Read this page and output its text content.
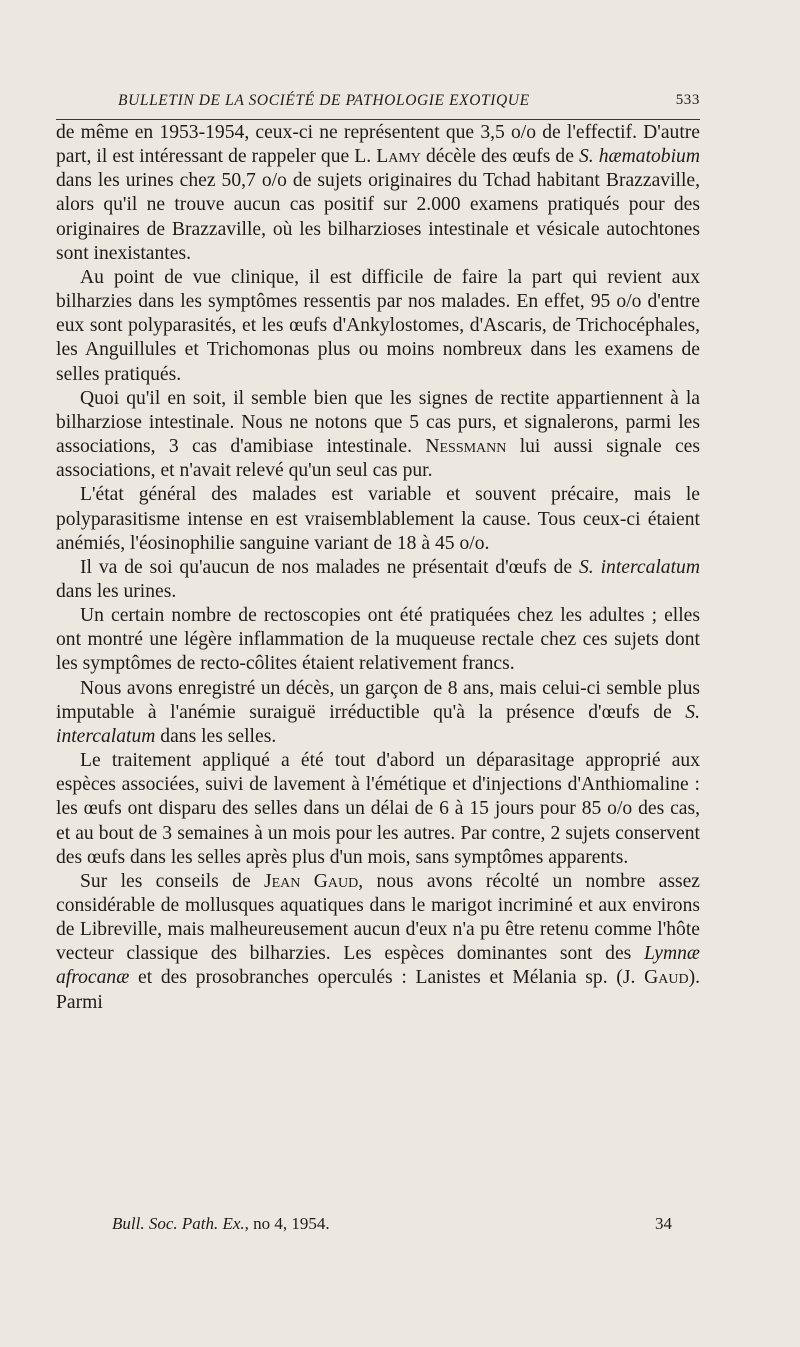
BULLETIN DE LA SOCIÉTÉ DE PATHOLOGIE EXOTIQUE	533

de même en 1953-1954, ceux-ci ne représentent que 3,5 o/o de l'effectif. D'autre part, il est intéressant de rappeler que L. Lamy décèle des œufs de S. hæmatobium dans les urines chez 50,7 o/o de sujets originaires du Tchad habitant Brazzaville, alors qu'il ne trouve aucun cas positif sur 2.000 examens pratiqués pour des originaires de Brazzaville, où les bilharzioses intestinale et vésicale autochtones sont inexistantes.

Au point de vue clinique, il est difficile de faire la part qui revient aux bilharzies dans les symptômes ressentis par nos malades. En effet, 95 o/o d'entre eux sont polyparasités, et les œufs d'Ankylostomes, d'Ascaris, de Trichocéphales, les Anguillules et Trichomonas plus ou moins nombreux dans les examens de selles pratiqués.

Quoi qu'il en soit, il semble bien que les signes de rectite appartiennent à la bilharziose intestinale. Nous ne notons que 5 cas purs, et signalerons, parmi les associations, 3 cas d'amibiase intestinale. Nessmann lui aussi signale ces associations, et n'avait relevé qu'un seul cas pur.

L'état général des malades est variable et souvent précaire, mais le polyparasitisme intense en est vraisemblablement la cause. Tous ceux-ci étaient anémiés, l'éosinophilie sanguine variant de 18 à 45 o/o.

Il va de soi qu'aucun de nos malades ne présentait d'œufs de S. intercalatum dans les urines.

Un certain nombre de rectoscopies ont été pratiquées chez les adultes ; elles ont montré une légère inflammation de la muqueuse rectale chez ces sujets dont les symptômes de recto-côlites étaient relativement francs.

Nous avons enregistré un décès, un garçon de 8 ans, mais celui-ci semble plus imputable à l'anémie suraiguë irréductible qu'à la présence d'œufs de S. intercalatum dans les selles.

Le traitement appliqué a été tout d'abord un déparasitage approprié aux espèces associées, suivi de lavement à l'émétique et d'injections d'Anthiomaline : les œufs ont disparu des selles dans un délai de 6 à 15 jours pour 85 o/o des cas, et au bout de 3 semaines à un mois pour les autres. Par contre, 2 sujets conservent des œufs dans les selles après plus d'un mois, sans symptômes apparents.

Sur les conseils de Jean Gaud, nous avons récolté un nombre assez considérable de mollusques aquatiques dans le marigot incriminé et aux environs de Libreville, mais malheureusement aucun d'eux n'a pu être retenu comme l'hôte vecteur classique des bilharzies. Les espèces dominantes sont des Lymnæ afrocanæ et des prosobranches operculés : Lanistes et Mélania sp. (J. Gaud). Parmi

Bull. Soc. Path. Ex., no 4, 1954.	34
